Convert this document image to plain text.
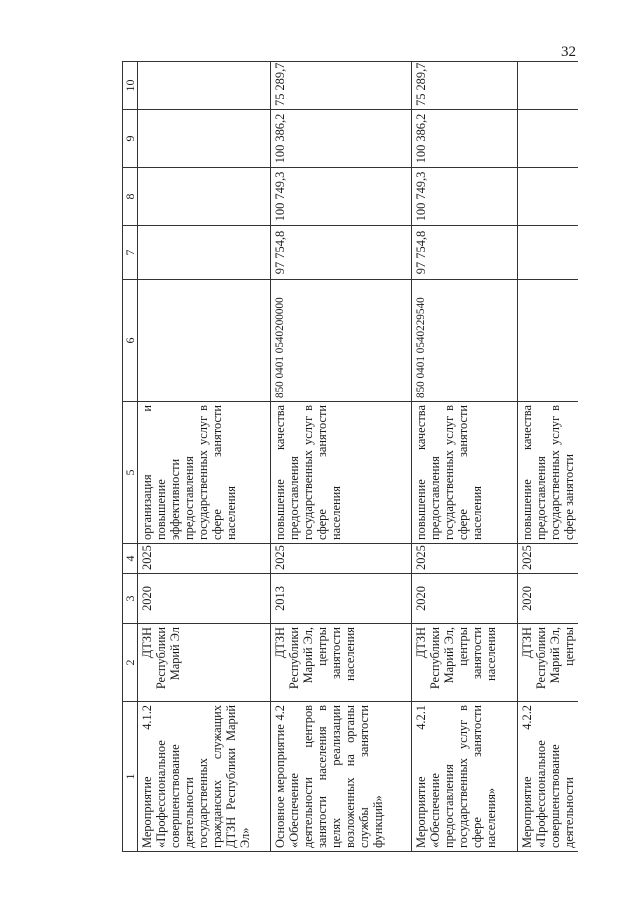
32
1	2	3	4	5	6	7	8	9	10
Мероприятие 4.1.2 «Профессиональное совершенствование деятельности государственных гражданских служащих ДТЗН Республики Марий Эл»	ДТЗН Республики Марий Эл	2020	2025	организация и повышение эффективности предоставления государственных услуг в сфере занятости населения					
Основное мероприятие 4.2 «Обеспечение деятельности центров занятости населения в целях реализации возложенных на органы службы занятости функций»	ДТЗН Республики Марий Эл, центры занятости населения	2013	2025	повышение качества предоставления государственных услуг в сфере занятости населения	850 0401 0540200000	97 754,8	100 749,3	100 386,2	75 289,7
Мероприятие 4.2.1 «Обеспечение предоставления государственных услуг в сфере занятости населения»	ДТЗН Республики Марий Эл, центры занятости населения	2020	2025	повышение качества предоставления государственных услуг в сфере занятости населения	850 0401 0540229540	97 754,8	100 749,3	100 386,2	75 289,7
Мероприятие 4.2.2 «Профессиональное совершенствование деятельности	ДТЗН Республики Марий Эл, центры	2020	2025	повышение качества предоставления государственных услуг в сфере занятости					
